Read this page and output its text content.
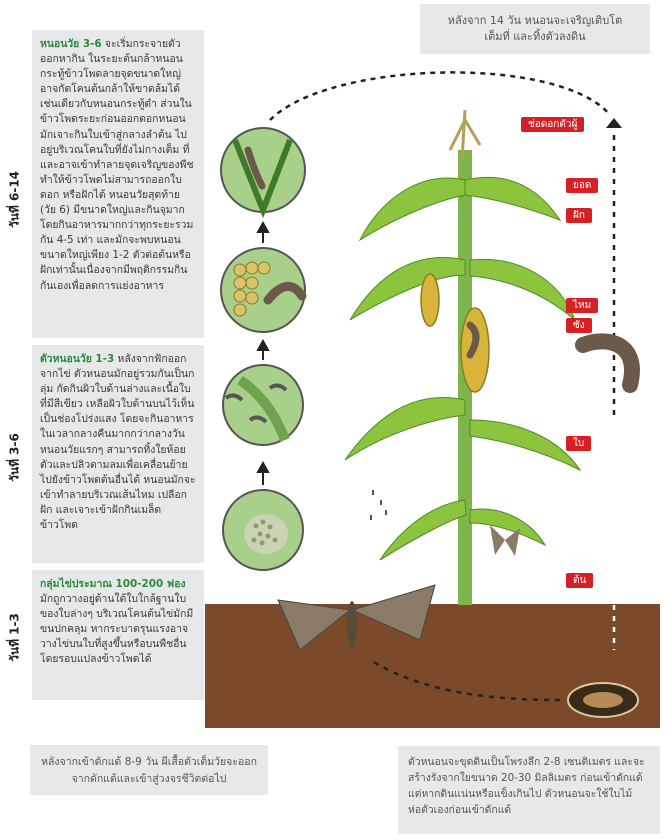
หลังจาก 14 วัน หนอนจะเจริญเติบโต
เต็มที่ และทิ้งตัวลงดิน
หนอนวัย 3-6 จะเริ่มกระจายตัวออกหากิน ในระยะต้นกล้าหนอนกระทู้ข้าวโพดลายจุดขนาดใหญ่อาจกัดโคนต้นกล้าให้ขาดล้มได้ เช่นเดียวกับหนอนกระทู้ดำ ส่วนในข้าวโพดระยะก่อนออกดอกหนอนมักเจาะกินใบเข้าสู่กลางลำต้น ไปอยู่บริเวณโคนใบที่ยังไม่กางเต็ม ที่ และอาจเข้าทำลายจุดเจริญของพืชทำให้ข้าวโพดไม่สามารถออกใบ ดอก หรือฝักได้ หนอนวัยสุดท้าย (วัย 6) มีขนาดใหญ่และกินจุมาก โดยกินอาหารมากกว่าทุกระยะรวมกัน 4-5 เท่า และมักจะพบหนอนขนาดใหญ่เพียง 1-2 ตัวต่อต้นหรือฝักเท่านั้นเนื่องจากมีพฤติกรรมกินกันเองเพื่อลดการแย่งอาหาร
ตัวหนอนวัย 1-3 หลังจากฟักออกจากไข่ ตัวหนอนมักอยู่รวมกันเป็นกลุ่ม กัดกินผิวใบด้านล่างและเนื้อใบที่มีสีเขียว เหลือผิวใบด้านบนไว้เห็นเป็นช่องโปร่งแสง โดยจะกินอาหารในเวลากลางคืนมากกว่ากลางวัน หนอนวัยแรกๆ สามารถทิ้งใยห้อยตัวและปลิวตามลมเพื่อเคลื่อนย้ายไปยังข้าวโพดต้นอื่นได้ หนอนมักจะเข้าทำลายบริเวณเส้นไหม เปลือกฝัก และเจาะเข้าฝักกินเมล็ดข้าวโพด
กลุ่มไข่ประมาณ 100-200 ฟอง มักถูกวางอยู่ด้านใต้ใบใกล้ฐานใบของใบล่างๆ บริเวณโคนต้นไข่มักมีขนปกคลุม หากระบาดรุนแรงอาจวางไข่บนใบที่สูงขึ้นหรือบนพืชอื่นโดยรอบแปลงข้าวโพดได้
วันที่ 6-14
วันที่ 3-6
วันที่ 1-3
ช่อดอกตัวผู้
ยอด
ฝัก
ไหม
ซัง
ใบ
ต้น
หลังจากเข้าดักแด้ 8-9 วัน ผีเสื้อตัวเต็มวัยจะออกจากดักแด้และเข้าสู่วงจรชีวิตต่อไป
ตัวหนอนจะขุดดินเป็นโพรงลึก 2-8 เซนติเมตร และจะสร้างรังจากใยขนาด 20-30 มิลลิเมตร ก่อนเข้าดักแด้ แต่หากดินแน่นหรือแข็งเกินไป ตัวหนอนจะใช้ใบไม้ห่อตัวเองก่อนเข้าดักแด้
